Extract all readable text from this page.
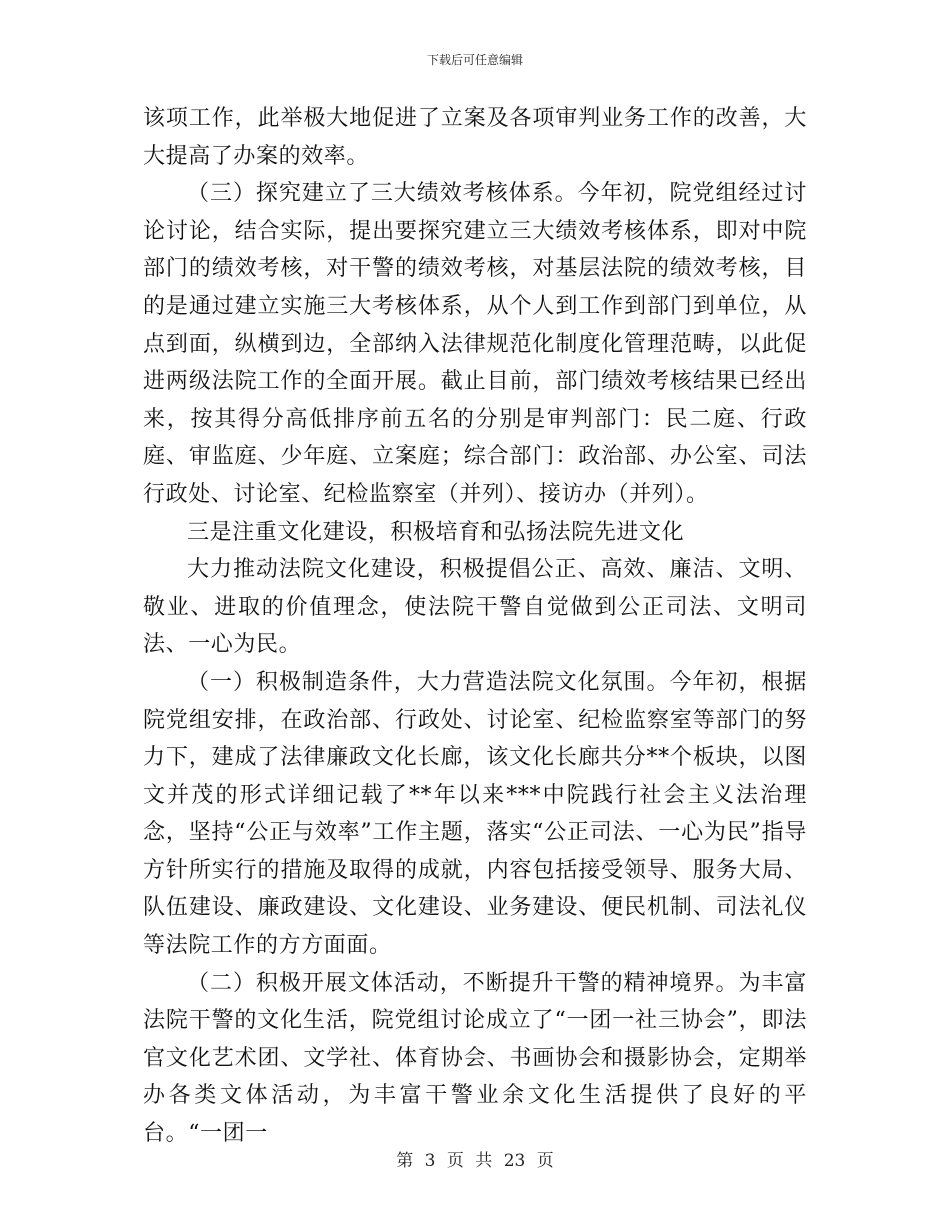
下载后可任意编辑

该项工作，此举极大地促进了立案及各项审判业务工作的改善，大大提高了办案的效率。

（三）探究建立了三大绩效考核体系。今年初，院党组经过讨论讨论，结合实际，提出要探究建立三大绩效考核体系，即对中院部门的绩效考核，对干警的绩效考核，对基层法院的绩效考核，目的是通过建立实施三大考核体系，从个人到工作到部门到单位，从点到面，纵横到边，全部纳入法律规范化制度化管理范畴，以此促进两级法院工作的全面开展。截止目前，部门绩效考核结果已经出来，按其得分高低排序前五名的分别是审判部门：民二庭、行政庭、审监庭、少年庭、立案庭；综合部门：政治部、办公室、司法行政处、讨论室、纪检监察室（并列）、接访办（并列）。

三是注重文化建设，积极培育和弘扬法院先进文化

大力推动法院文化建设，积极提倡公正、高效、廉洁、文明、敬业、进取的价值理念，使法院干警自觉做到公正司法、文明司法、一心为民。

（一）积极制造条件，大力营造法院文化氛围。今年初，根据院党组安排，在政治部、行政处、讨论室、纪检监察室等部门的努力下，建成了法律廉政文化长廊，该文化长廊共分**个板块，以图文并茂的形式详细记载了**年以来***中院践行社会主义法治理念，坚持“公正与效率”工作主题，落实“公正司法、一心为民”指导方针所实行的措施及取得的成就，内容包括接受领导、服务大局、队伍建设、廉政建设、文化建设、业务建设、便民机制、司法礼仪等法院工作的方方面面。

（二）积极开展文体活动，不断提升干警的精神境界。为丰富法院干警的文化生活，院党组讨论成立了“一团一社三协会”，即法官文化艺术团、文学社、体育协会、书画协会和摄影协会，定期举办各类文体活动，为丰富干警业余文化生活提供了良好的平台。“一团一

第 3 页 共 23 页
